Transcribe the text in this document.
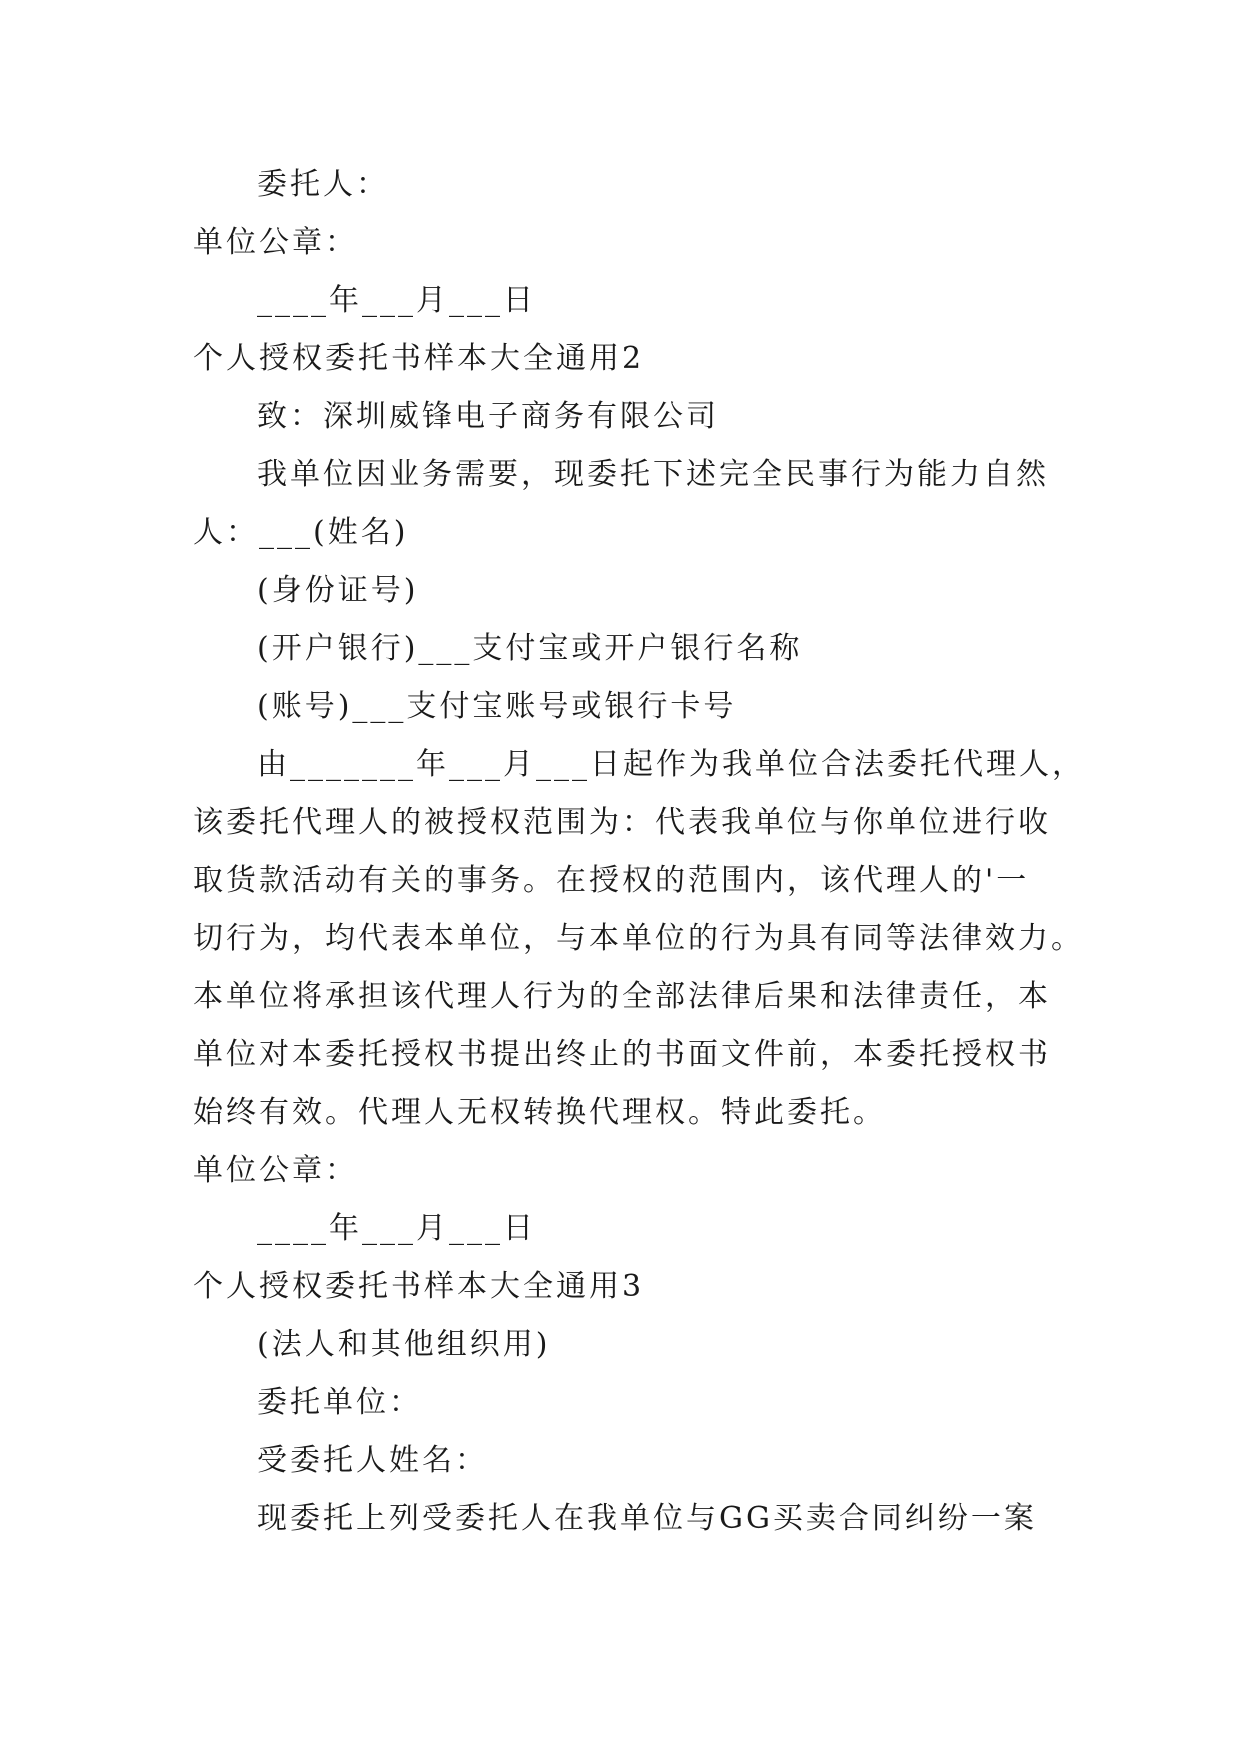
委托人：
单位公章：
____年___月___日
个人授权委托书样本大全通用2
致：深圳威锋电子商务有限公司
我单位因业务需要，现委托下述完全民事行为能力自然
人：___(姓名)
(身份证号)
(开户银行)___支付宝或开户银行名称
(账号)___支付宝账号或银行卡号
由_______年___月___日起作为我单位合法委托代理人，
该委托代理人的被授权范围为：代表我单位与你单位进行收
取货款活动有关的事务。在授权的范围内，该代理人的'一
切行为，均代表本单位，与本单位的行为具有同等法律效力。
本单位将承担该代理人行为的全部法律后果和法律责任，本
单位对本委托授权书提出终止的书面文件前，本委托授权书
始终有效。代理人无权转换代理权。特此委托。
单位公章：
____年___月___日
个人授权委托书样本大全通用3
(法人和其他组织用)
委托单位：
受委托人姓名：
现委托上列受委托人在我单位与GG买卖合同纠纷一案
